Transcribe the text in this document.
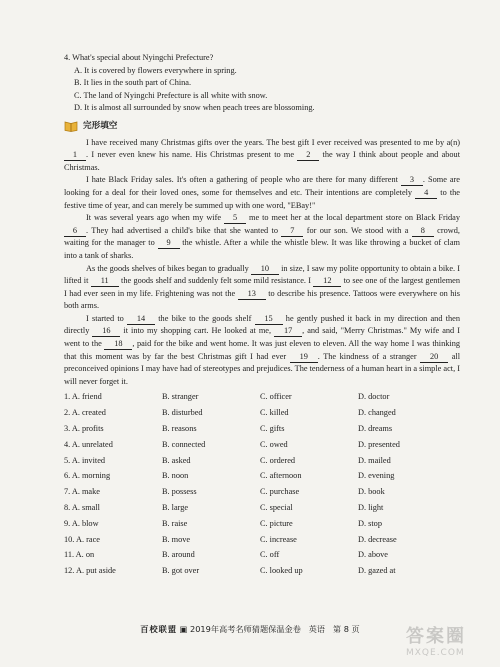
4. What's special about Nyingchi Prefecture?

A. It is covered by flowers everywhere in spring.

B. It lies in the south part of China.

C. The land of Nyingchi Prefecture is all white with snow.

D. It is almost all surrounded by snow when peach trees are blossoming.

完形填空

I have received many Christmas gifts over the years. The best gift I ever received was presented to me by a(n) 1 . I never even knew his name. His Christmas present to me 2 the way I think about people and about Christmas.

I hate Black Friday sales. It's often a gathering of people who are there for many different 3 . Some are looking for a deal for their loved ones, some for themselves and etc. Their intentions are completely 4 to the festive time of year, and can merely be summed up with one word, "EBay!"

It was several years ago when my wife 5 me to meet her at the local department store on Black Friday 6 . They had advertised a child's bike that she wanted to 7 for our son. We stood with a 8 crowd, waiting for the manager to 9 the whistle. After a while the whistle blew. It was like throwing a bucket of clam into a tank of sharks.

As the goods shelves of bikes began to gradually 10 in size, I saw my polite opportunity to obtain a bike. I lifted it 11 the goods shelf and suddenly felt some mild resistance. I 12 to see one of the largest gentlemen I had ever seen in my life. Frightening was not the 13 to describe his presence. Tattoos were everywhere on his both arms.

I started to 14 the bike to the goods shelf 15 he gently pushed it back in my direction and then directly 16 it into my shopping cart. He looked at me, 17 , and said, "Merry Christmas." My wife and I went to the 18 , paid for the bike and went home. It was just eleven to eleven. All the way home I was thinking that this moment was by far the best Christmas gift I had ever 19 . The kindness of a stranger 20 all preconceived opinions I may have had of stereotypes and prejudices. The tenderness of a human heart in a simple act, I will never forget it.

1. A. friend	B. stranger	C. officer	D. doctor
2. A. created	B. disturbed	C. killed	D. changed
3. A. profits	B. reasons	C. gifts	D. dreams
4. A. unrelated	B. connected	C. owed	D. presented
5. A. invited	B. asked	C. ordered	D. mailed
6. A. morning	B. noon	C. afternoon	D. evening
7. A. make	B. possess	C. purchase	D. book
8. A. small	B. large	C. special	D. light
9. A. blow	B. raise	C. picture	D. stop
10. A. race	B. move	C. increase	D. decrease
11. A. on	B. around	C. off	D. above
12. A. put aside	B. got over	C. looked up	D. gazed at
百校联盟 ▣ 2019年高考名师猜题保温金卷 英语 第 8 页	答案圈
MXQE.COM
